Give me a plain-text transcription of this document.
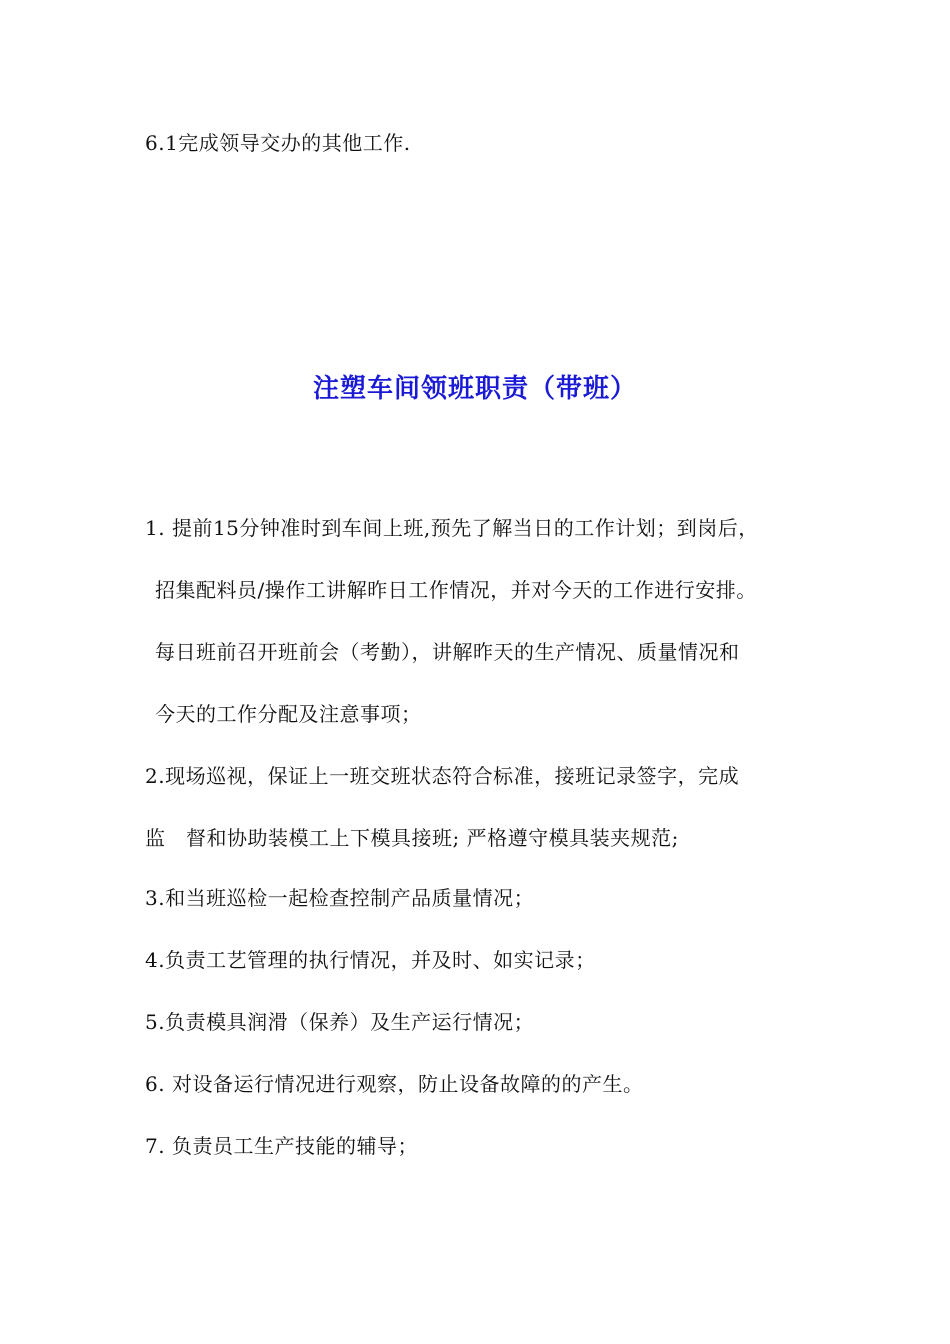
6.1完成领导交办的其他工作.
注塑车间领班职责（带班）
1. 提前15分钟准时到车间上班,预先了解当日的工作计划；到岗后，
招集配料员/操作工讲解昨日工作情况，并对今天的工作进行安排。
每日班前召开班前会（考勤），讲解昨天的生产情况、质量情况和
今天的工作分配及注意事项；
2.现场巡视，保证上一班交班状态符合标准，接班记录签字，完成
监　督和协助装模工上下模具接班; 严格遵守模具装夹规范;
3.和当班巡检一起检查控制产品质量情况；
4.负责工艺管理的执行情况，并及时、如实记录；
5.负责模具润滑（保养）及生产运行情况；
6. 对设备运行情况进行观察，防止设备故障的的产生。
7. 负责员工生产技能的辅导；
